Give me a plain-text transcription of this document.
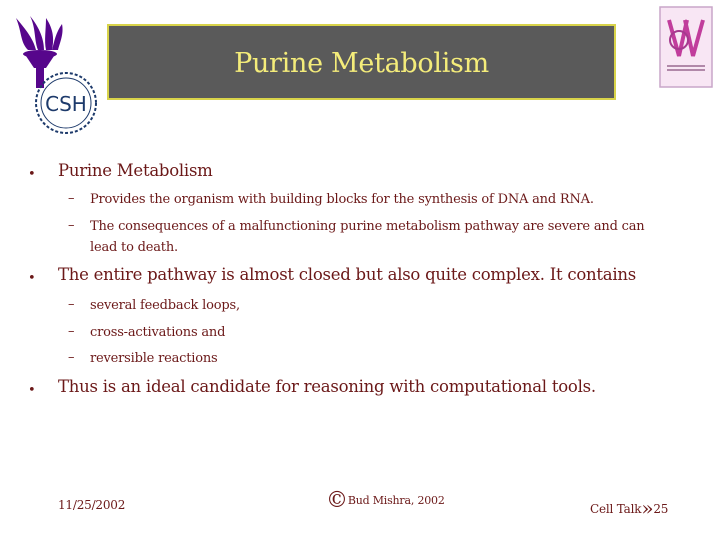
CSH
Purine Metabolism
• Purine Metabolism
– Provides the organism with building blocks for the synthesis of DNA and RNA.
– The consequences of a malfunctioning purine metabolism pathway are severe and can lead to death.
• The entire pathway is almost closed but also quite complex. It contains
– several feedback loops,
– cross-activations and
– reversible reactions
• Thus is an ideal candidate for reasoning with computational tools.
11/25/2002	©Bud Mishra, 2002
Cell Talk»25
